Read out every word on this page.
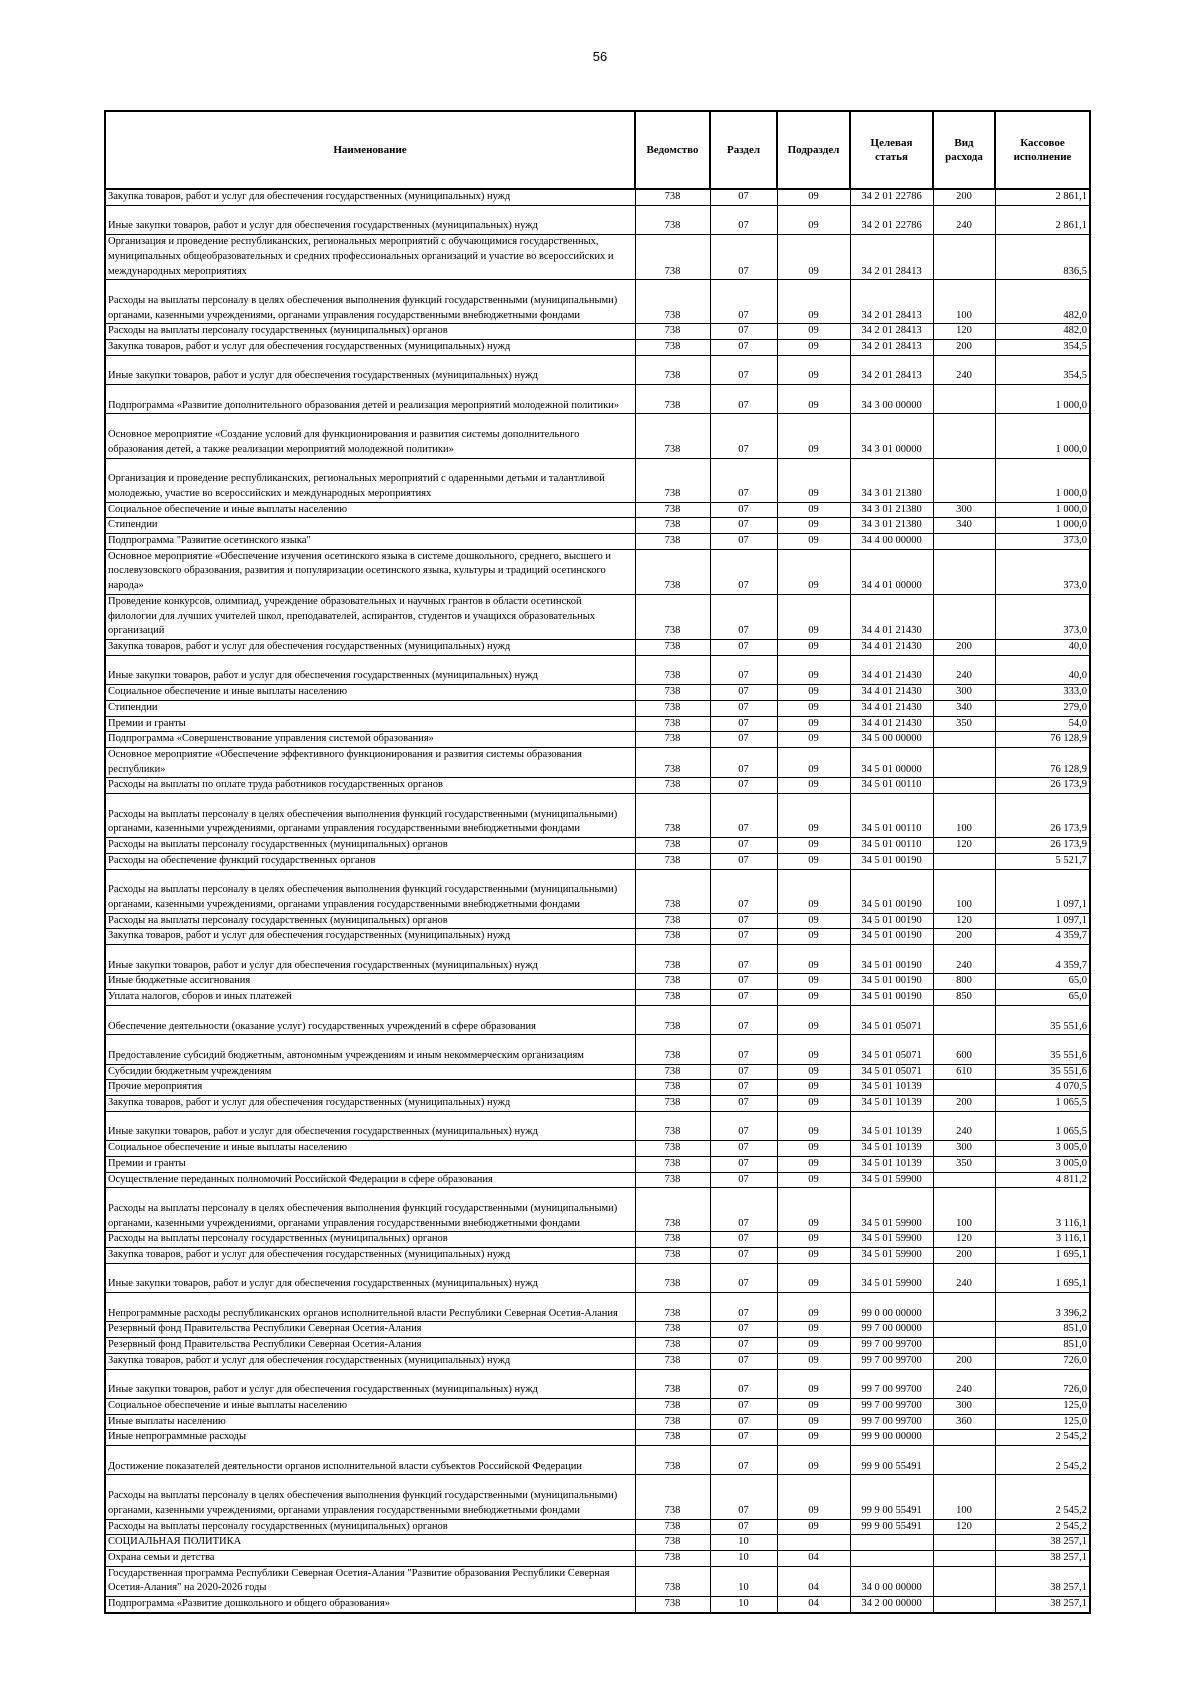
56
Наименование	Ведомство	Раздел	Подраздел	Целевая статья	Вид расхода	Кассовое исполнение
Закупка товаров, работ и услуг для обеспечения государственных (муниципальных) нужд	738	07	09	34 2 01 22786	200	2 861,1
Иные закупки товаров, работ и услуг для обеспечения государственных (муниципальных) нужд	738	07	09	34 2 01 22786	240	2 861,1
Организация и проведение республиканских, региональных мероприятий с обучающимися государственных, муниципальных общеобразовательных и средних профессиональных организаций и участие во всероссийских и международных мероприятиях	738	07	09	34 2 01 28413		836,5
Расходы на выплаты персоналу в целях обеспечения выполнения функций государственными (муниципальными) органами, казенными учреждениями, органами управления государственными внебюджетными фондами	738	07	09	34 2 01 28413	100	482,0
Расходы на выплаты персоналу государственных (муниципальных) органов	738	07	09	34 2 01 28413	120	482,0
Закупка товаров, работ и услуг для обеспечения государственных (муниципальных) нужд	738	07	09	34 2 01 28413	200	354,5
Иные закупки товаров, работ и услуг для обеспечения государственных (муниципальных) нужд	738	07	09	34 2 01 28413	240	354,5
Подпрограмма «Развитие дополнительного образования детей и реализация мероприятий молодежной политики»	738	07	09	34 3 00 00000		1 000,0
Основное мероприятие «Создание условий для функционирования и развития системы дополнительного образования детей, а также реализации мероприятий молодежной политики»	738	07	09	34 3 01 00000		1 000,0
Организация и проведение республиканских, региональных мероприятий с одаренными детьми и талантливой молодежью, участие во всероссийских и международных мероприятиях	738	07	09	34 3 01 21380		1 000,0
Социальное обеспечение и иные выплаты населению	738	07	09	34 3 01 21380	300	1 000,0
Стипендии	738	07	09	34 3 01 21380	340	1 000,0
Подпрограмма "Развитие осетинского языка"	738	07	09	34 4 00 00000		373,0
Основное мероприятие «Обеспечение изучения осетинского языка в системе дошкольного, среднего, высшего и послевузовского образования, развития и популяризации осетинского языка, культуры и традиций осетинского народа»	738	07	09	34 4 01 00000		373,0
Проведение конкурсов, олимпиад, учреждение образовательных и научных грантов в области осетинской филологии для лучших учителей школ, преподавателей, аспирантов, студентов и учащихся образовательных организаций	738	07	09	34 4 01 21430		373,0
Закупка товаров, работ и услуг для обеспечения государственных (муниципальных) нужд	738	07	09	34 4 01 21430	200	40,0
Иные закупки товаров, работ и услуг для обеспечения государственных (муниципальных) нужд	738	07	09	34 4 01 21430	240	40,0
Социальное обеспечение и иные выплаты населению	738	07	09	34 4 01 21430	300	333,0
Стипендии	738	07	09	34 4 01 21430	340	279,0
Премии и гранты	738	07	09	34 4 01 21430	350	54,0
Подпрограмма «Совершенствование управления системой образования»	738	07	09	34 5 00 00000		76 128,9
Основное мероприятие «Обеспечение эффективного функционирования и развития системы образования республики»	738	07	09	34 5 01 00000		76 128,9
Расходы на выплаты по оплате труда работников государственных органов	738	07	09	34 5 01 00110		26 173,9
Расходы на выплаты персоналу в целях обеспечения выполнения функций государственными (муниципальными) органами, казенными учреждениями, органами управления государственными внебюджетными фондами	738	07	09	34 5 01 00110	100	26 173,9
Расходы на выплаты персоналу государственных (муниципальных) органов	738	07	09	34 5 01 00110	120	26 173,9
Расходы на обеспечение функций государственных органов	738	07	09	34 5 01 00190		5 521,7
Расходы на выплаты персоналу в целях обеспечения выполнения функций государственными (муниципальными) органами, казенными учреждениями, органами управления государственными внебюджетными фондами	738	07	09	34 5 01 00190	100	1 097,1
Расходы на выплаты персоналу государственных (муниципальных) органов	738	07	09	34 5 01 00190	120	1 097,1
Закупка товаров, работ и услуг для обеспечения государственных (муниципальных) нужд	738	07	09	34 5 01 00190	200	4 359,7
Иные закупки товаров, работ и услуг для обеспечения государственных (муниципальных) нужд	738	07	09	34 5 01 00190	240	4 359,7
Иные бюджетные ассигнования	738	07	09	34 5 01 00190	800	65,0
Уплата налогов, сборов и иных платежей	738	07	09	34 5 01 00190	850	65,0
Обеспечение деятельности (оказание услуг) государственных учреждений в сфере образования	738	07	09	34 5 01 05071		35 551,6
Предоставление субсидий бюджетным, автономным учреждениям и иным некоммерческим организациям	738	07	09	34 5 01 05071	600	35 551,6
Субсидии бюджетным учреждениям	738	07	09	34 5 01 05071	610	35 551,6
Прочие мероприятия	738	07	09	34 5 01 10139		4 070,5
Закупка товаров, работ и услуг для обеспечения государственных (муниципальных) нужд	738	07	09	34 5 01 10139	200	1 065,5
Иные закупки товаров, работ и услуг для обеспечения государственных (муниципальных) нужд	738	07	09	34 5 01 10139	240	1 065,5
Социальное обеспечение и иные выплаты населению	738	07	09	34 5 01 10139	300	3 005,0
Премии и гранты	738	07	09	34 5 01 10139	350	3 005,0
Осуществление переданных полномочий Российской Федерации в сфере образования	738	07	09	34 5 01 59900		4 811,2
Расходы на выплаты персоналу в целях обеспечения выполнения функций государственными (муниципальными) органами, казенными учреждениями, органами управления государственными внебюджетными фондами	738	07	09	34 5 01 59900	100	3 116,1
Расходы на выплаты персоналу государственных (муниципальных) органов	738	07	09	34 5 01 59900	120	3 116,1
Закупка товаров, работ и услуг для обеспечения государственных (муниципальных) нужд	738	07	09	34 5 01 59900	200	1 695,1
Иные закупки товаров, работ и услуг для обеспечения государственных (муниципальных) нужд	738	07	09	34 5 01 59900	240	1 695,1
Непрограммные расходы республиканских органов исполнительной власти Республики Северная Осетия-Алания	738	07	09	99 0 00 00000		3 396,2
Резервный фонд Правительства Республики Северная Осетия-Алания	738	07	09	99 7 00 00000		851,0
Резервный фонд Правительства Республики Северная Осетия-Алания	738	07	09	99 7 00 99700		851,0
Закупка товаров, работ и услуг для обеспечения государственных (муниципальных) нужд	738	07	09	99 7 00 99700	200	726,0
Иные закупки товаров, работ и услуг для обеспечения государственных (муниципальных) нужд	738	07	09	99 7 00 99700	240	726,0
Социальное обеспечение и иные выплаты населению	738	07	09	99 7 00 99700	300	125,0
Иные выплаты населению	738	07	09	99 7 00 99700	360	125,0
Иные непрограммные расходы	738	07	09	99 9 00 00000		2 545,2
Достижение показателей деятельности органов исполнительной власти субъектов Российской Федерации	738	07	09	99 9 00 55491		2 545,2
Расходы на выплаты персоналу в целях обеспечения выполнения функций государственными (муниципальными) органами, казенными учреждениями, органами управления государственными внебюджетными фондами	738	07	09	99 9 00 55491	100	2 545,2
Расходы на выплаты персоналу государственных (муниципальных) органов	738	07	09	99 9 00 55491	120	2 545,2
СОЦИАЛЬНАЯ ПОЛИТИКА	738	10				38 257,1
Охрана семьи и детства	738	10	04			38 257,1
Государственная программа Республики Северная Осетия-Алания "Развитие образования Республики Северная Осетия-Алания" на 2020-2026 годы	738	10	04	34 0 00 00000		38 257,1
Подпрограмма «Развитие дошкольного и общего образования»	738	10	04	34 2 00 00000		38 257,1
